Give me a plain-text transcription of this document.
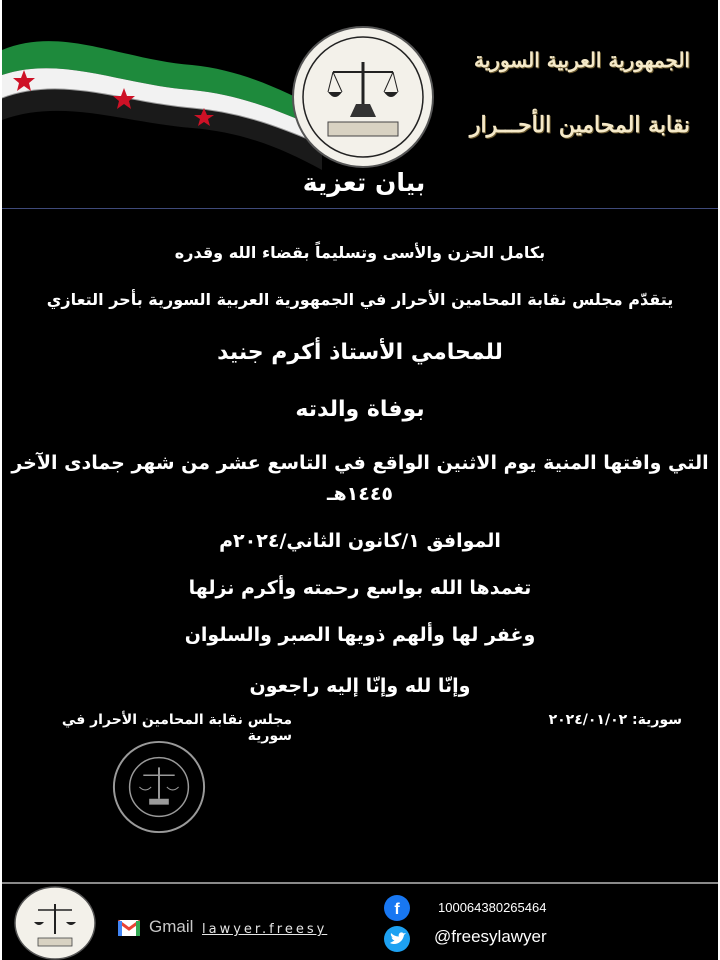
الجمهورية العربية السورية
نقابة المحامين الأحـــرار
بيان تعزية
بكامل الحزن والأسى وتسليماً بقضاء الله وقدره
يتقدّم مجلس نقابة المحامين الأحرار في الجمهورية العربية السورية بأحر التعازي
للمحامي الأستاذ أكرم جنيد
بوفاة والدته
التي وافتها المنية يوم الاثنين الواقع في التاسع عشر من شهر جمادى الآخر
١٤٤٥هـ
الموافق ١/كانون الثاني/٢٠٢٤م
تغمدها الله بواسع رحمته وأكرم نزلها
وغفر لها وألهم ذويها الصبر والسلوان
وإنّا لله وإنّا إليه راجعون
مجلس نقابة المحامين الأحرار في سورية
سورية: ٢٠٢٤/٠١/٠٢
Gmail lawyer.freesy
f	100064380265464
@freesylawyer
